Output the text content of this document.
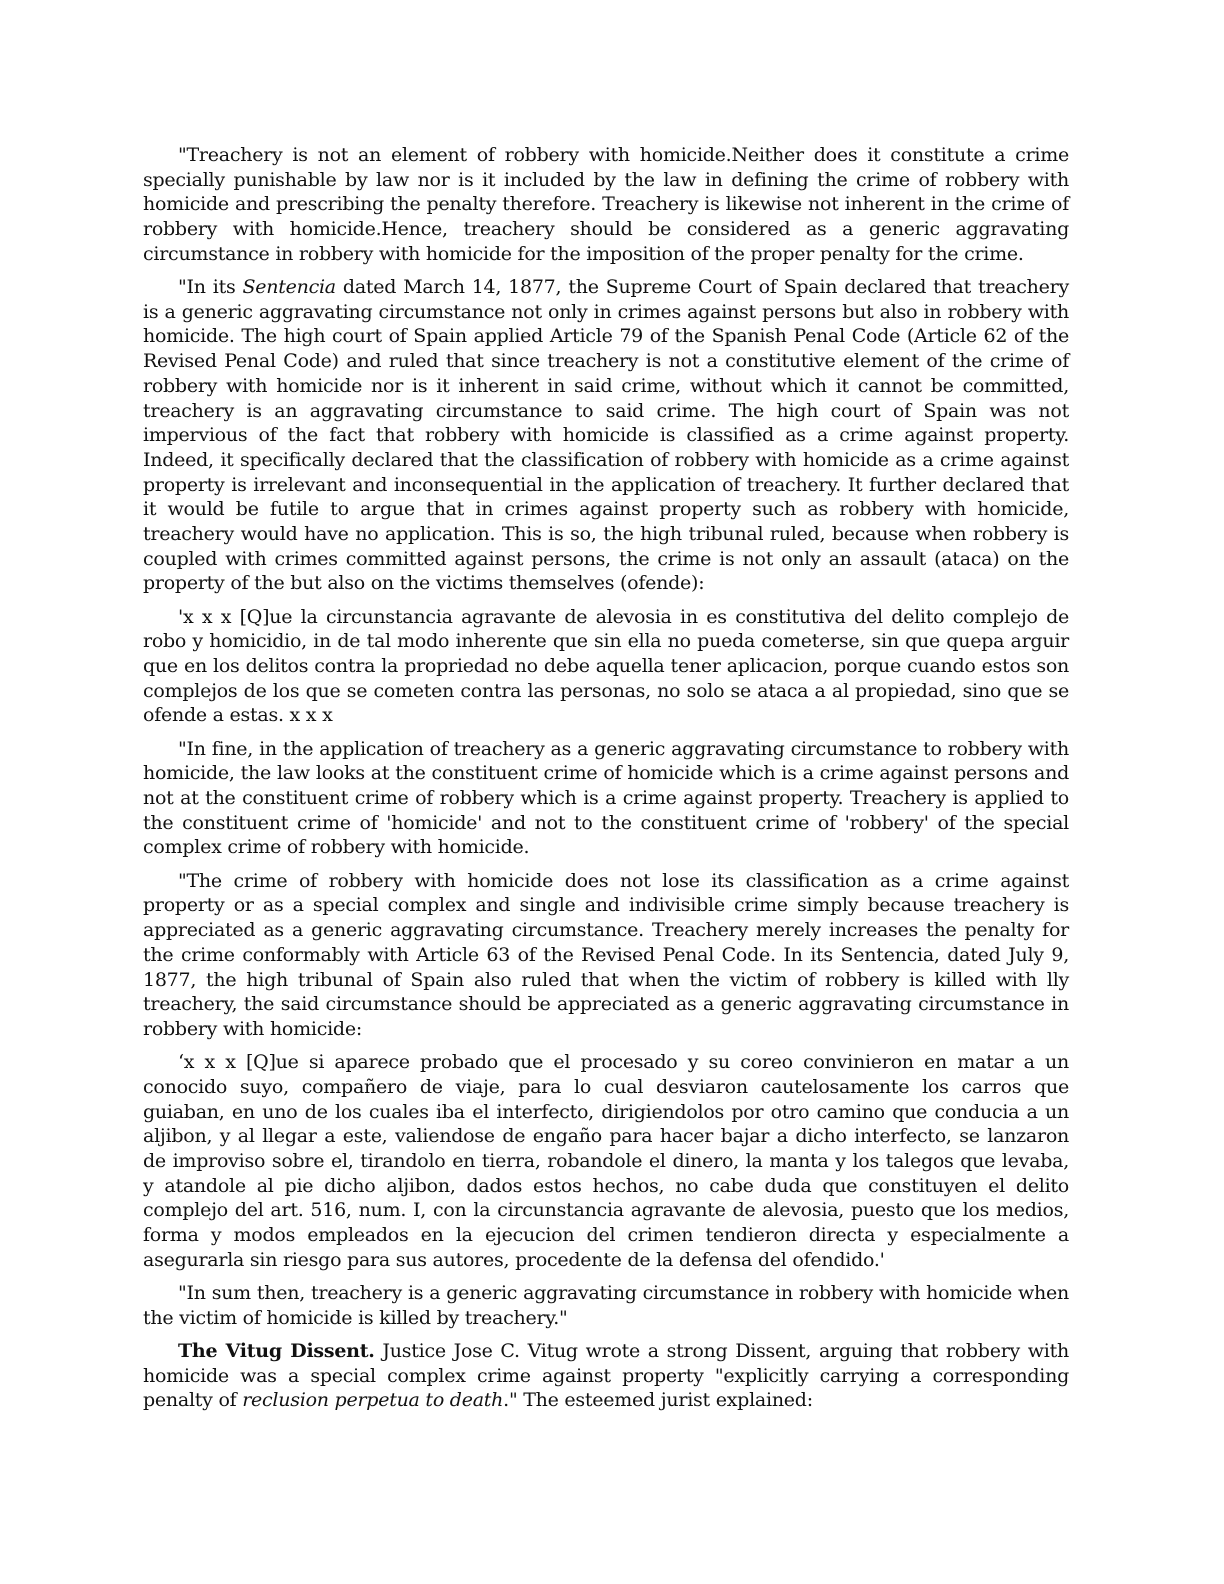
"Treachery is not an element of robbery with homicide.Neither does it constitute a crime specially punishable by law nor is it included by the law in defining the crime of robbery with homicide and prescribing the penalty therefore. Treachery is likewise not inherent in the crime of robbery with homicide.Hence, treachery should be considered as a generic aggravating circumstance in robbery with homicide for the imposition of the proper penalty for the crime.

"In its Sentencia dated March 14, 1877, the Supreme Court of Spain declared that treachery is a generic aggravating circumstance not only in crimes against persons but also in robbery with homicide. The high court of Spain applied Article 79 of the Spanish Penal Code (Article 62 of the Revised Penal Code) and ruled that since treachery is not a constitutive element of the crime of robbery with homicide nor is it inherent in said crime, without which it cannot be committed, treachery is an aggravating circumstance to said crime. The high court of Spain was not impervious of the fact that robbery with homicide is classified as a crime against property. Indeed, it specifically declared that the classification of robbery with homicide as a crime against property is irrelevant and inconsequential in the application of treachery. It further declared that it would be futile to argue that in crimes against property such as robbery with homicide, treachery would have no application. This is so, the high tribunal ruled, because when robbery is coupled with crimes committed against persons, the crime is not only an assault (ataca) on the property of the but also on the victims themselves (ofende):

'x x x [Q]ue la circunstancia agravante de alevosia in es constitutiva del delito complejo de robo y homicidio, in de tal modo inherente que sin ella no pueda cometerse, sin que quepa arguir que en los delitos contra la propriedad no debe aquella tener aplicacion, porque cuando estos son complejos de los que se cometen contra las personas, no solo se ataca a al propiedad, sino que se ofende a estas. x x x

"In fine, in the application of treachery as a generic aggravating circumstance to robbery with homicide, the law looks at the constituent crime of homicide which is a crime against persons and not at the constituent crime of robbery which is a crime against property. Treachery is applied to the constituent crime of 'homicide' and not to the constituent crime of 'robbery' of the special complex crime of robbery with homicide.

"The crime of robbery with homicide does not lose its classification as a crime against property or as a special complex and single and indivisible crime simply because treachery is appreciated as a generic aggravating circumstance. Treachery merely increases the penalty for the crime conformably with Article 63 of the Revised Penal Code. In its Sentencia, dated July 9, 1877, the high tribunal of Spain also ruled that when the victim of robbery is killed with lly treachery, the said circumstance should be appreciated as a generic aggravating circumstance in robbery with homicide:

‘x x x [Q]ue si aparece probado que el procesado y su coreo convinieron en matar a un conocido suyo, compañero de viaje, para lo cual desviaron cautelosamente los carros que guiaban, en uno de los cuales iba el interfecto, dirigiendolos por otro camino que conducia a un aljibon, y al llegar a este, valiendose de engaño para hacer bajar a dicho interfecto, se lanzaron de improviso sobre el, tirandolo en tierra, robandole el dinero, la manta y los talegos que levaba, y atandole al pie dicho aljibon, dados estos hechos, no cabe duda que constituyen el delito complejo del art. 516, num. I, con la circunstancia agravante de alevosia, puesto que los medios, forma y modos empleados en la ejecucion del crimen tendieron directa y especialmente a asegurarla sin riesgo para sus autores, procedente de la defensa del ofendido.'

"In sum then, treachery is a generic aggravating circumstance in robbery with homicide when the victim of homicide is killed by treachery."

The Vitug Dissent. Justice Jose C. Vitug wrote a strong Dissent, arguing that robbery with homicide was a special complex crime against property "explicitly carrying a corresponding penalty of reclusion perpetua to death." The esteemed jurist explained:
